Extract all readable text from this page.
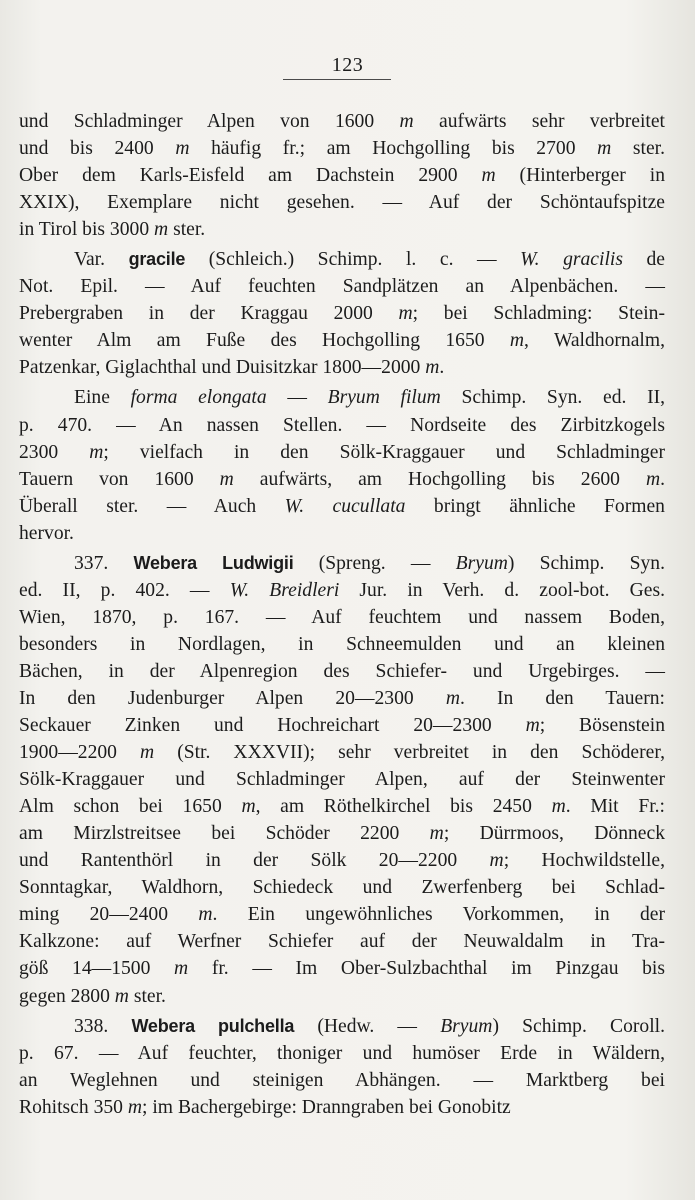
123
und Schladminger Alpen von 1600 m aufwärts sehr verbreitet
und bis 2400 m häufig fr.; am Hochgolling bis 2700 m ster.
Ober dem Karls-Eisfeld am Dachstein 2900 m (Hinterberger in
XXIX), Exemplare nicht gesehen. — Auf der Schöntaufspitze
in Tirol bis 3000 m ster.
Var. gracile (Schleich.) Schimp. l. c. — W. gracilis de
Not. Epil. — Auf feuchten Sandplätzen an Alpenbächen. —
Prebergraben in der Kraggau 2000 m; bei Schladming: Stein-
wenter Alm am Fuße des Hochgolling 1650 m, Waldhornalm,
Patzenkar, Giglachthal und Duisitzkar 1800—2000 m.
Eine forma elongata — Bryum filum Schimp. Syn. ed. II,
p. 470. — An nassen Stellen. — Nordseite des Zirbitzkogels
2300 m; vielfach in den Sölk-Kraggauer und Schladminger
Tauern von 1600 m aufwärts, am Hochgolling bis 2600 m.
Überall ster. — Auch W. cucullata bringt ähnliche Formen
hervor.
337. Webera Ludwigii (Spreng. — Bryum) Schimp. Syn.
ed. II, p. 402. — W. Breidleri Jur. in Verh. d. zool-bot. Ges.
Wien, 1870, p. 167. — Auf feuchtem und nassem Boden,
besonders in Nordlagen, in Schneemulden und an kleinen
Bächen, in der Alpenregion des Schiefer- und Urgebirges. —
In den Judenburger Alpen 20—2300 m. In den Tauern:
Seckauer Zinken und Hochreichart 20—2300 m; Bösenstein
1900—2200 m (Str. XXXVII); sehr verbreitet in den Schöderer,
Sölk-Kraggauer und Schladminger Alpen, auf der Steinwenter
Alm schon bei 1650 m, am Röthelkirchel bis 2450 m. Mit Fr.:
am Mirzlstreitsee bei Schöder 2200 m; Dürrmoos, Dönneck
und Rantenthörl in der Sölk 20—2200 m; Hochwildstelle,
Sonntagkar, Waldhorn, Schiedeck und Zwerfenberg bei Schlad-
ming 20—2400 m. Ein ungewöhnliches Vorkommen, in der
Kalkzone: auf Werfner Schiefer auf der Neuwaldalm in Tra-
göß 14—1500 m fr. — Im Ober-Sulzbachthal im Pinzgau bis
gegen 2800 m ster.
338. Webera pulchella (Hedw. — Bryum) Schimp. Coroll.
p. 67. — Auf feuchter, thoniger und humöser Erde in Wäldern,
an Weglehnen und steinigen Abhängen. — Marktberg bei
Rohitsch 350 m; im Bachergebirge: Dranngraben bei Gonobitz
